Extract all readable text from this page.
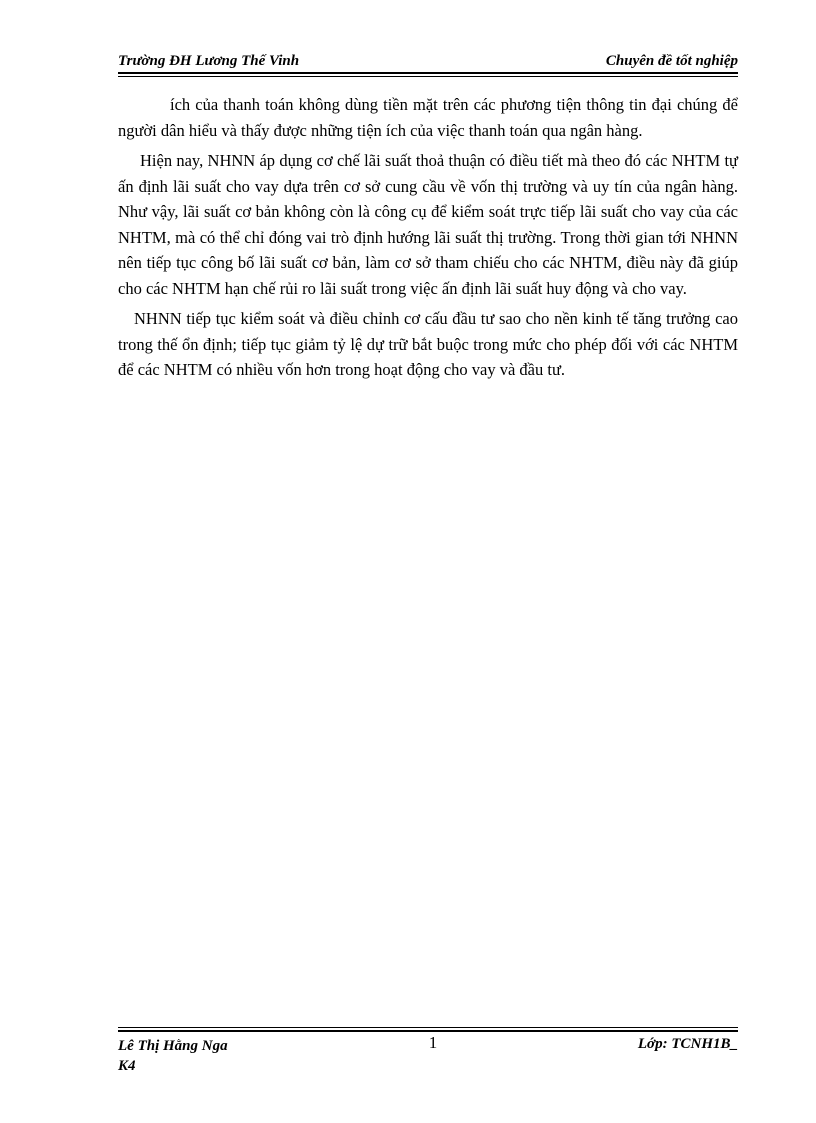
Trường ĐH Lương Thế Vinh	Chuyên đề tốt nghiệp

ích của thanh toán không dùng tiền mặt trên các phương tiện thông tin đại chúng để người dân hiểu và thấy được những tiện ích của việc thanh toán qua ngân hàng.

Hiện nay, NHNN áp dụng cơ chế lãi suất thoả thuận có điều tiết mà theo đó các NHTM tự ấn định lãi suất cho vay dựa trên cơ sở cung cầu về vốn thị trường và uy tín của ngân hàng. Như vậy, lãi suất cơ bản không còn là công cụ để kiểm soát trực tiếp lãi suất cho vay của các NHTM, mà có thể chỉ đóng vai trò định hướng lãi suất thị trường. Trong thời gian tới NHNN nên tiếp tục công bố lãi suất cơ bản, làm cơ sở tham chiếu cho các NHTM, điều này đã giúp cho các NHTM hạn chế rủi ro lãi suất trong việc ấn định lãi suất huy động và cho vay.

NHNN tiếp tục kiểm soát và điều chỉnh cơ cấu đầu tư sao cho nền kinh tế tăng trưởng cao trong thế ổn định; tiếp tục giảm tỷ lệ dự trữ bắt buộc trong mức cho phép đối với các NHTM để các NHTM có nhiều vốn hơn trong hoạt động cho vay và đầu tư.

Lê Thị Hằng Nga
K4
1	Lớp: TCNH1B_
